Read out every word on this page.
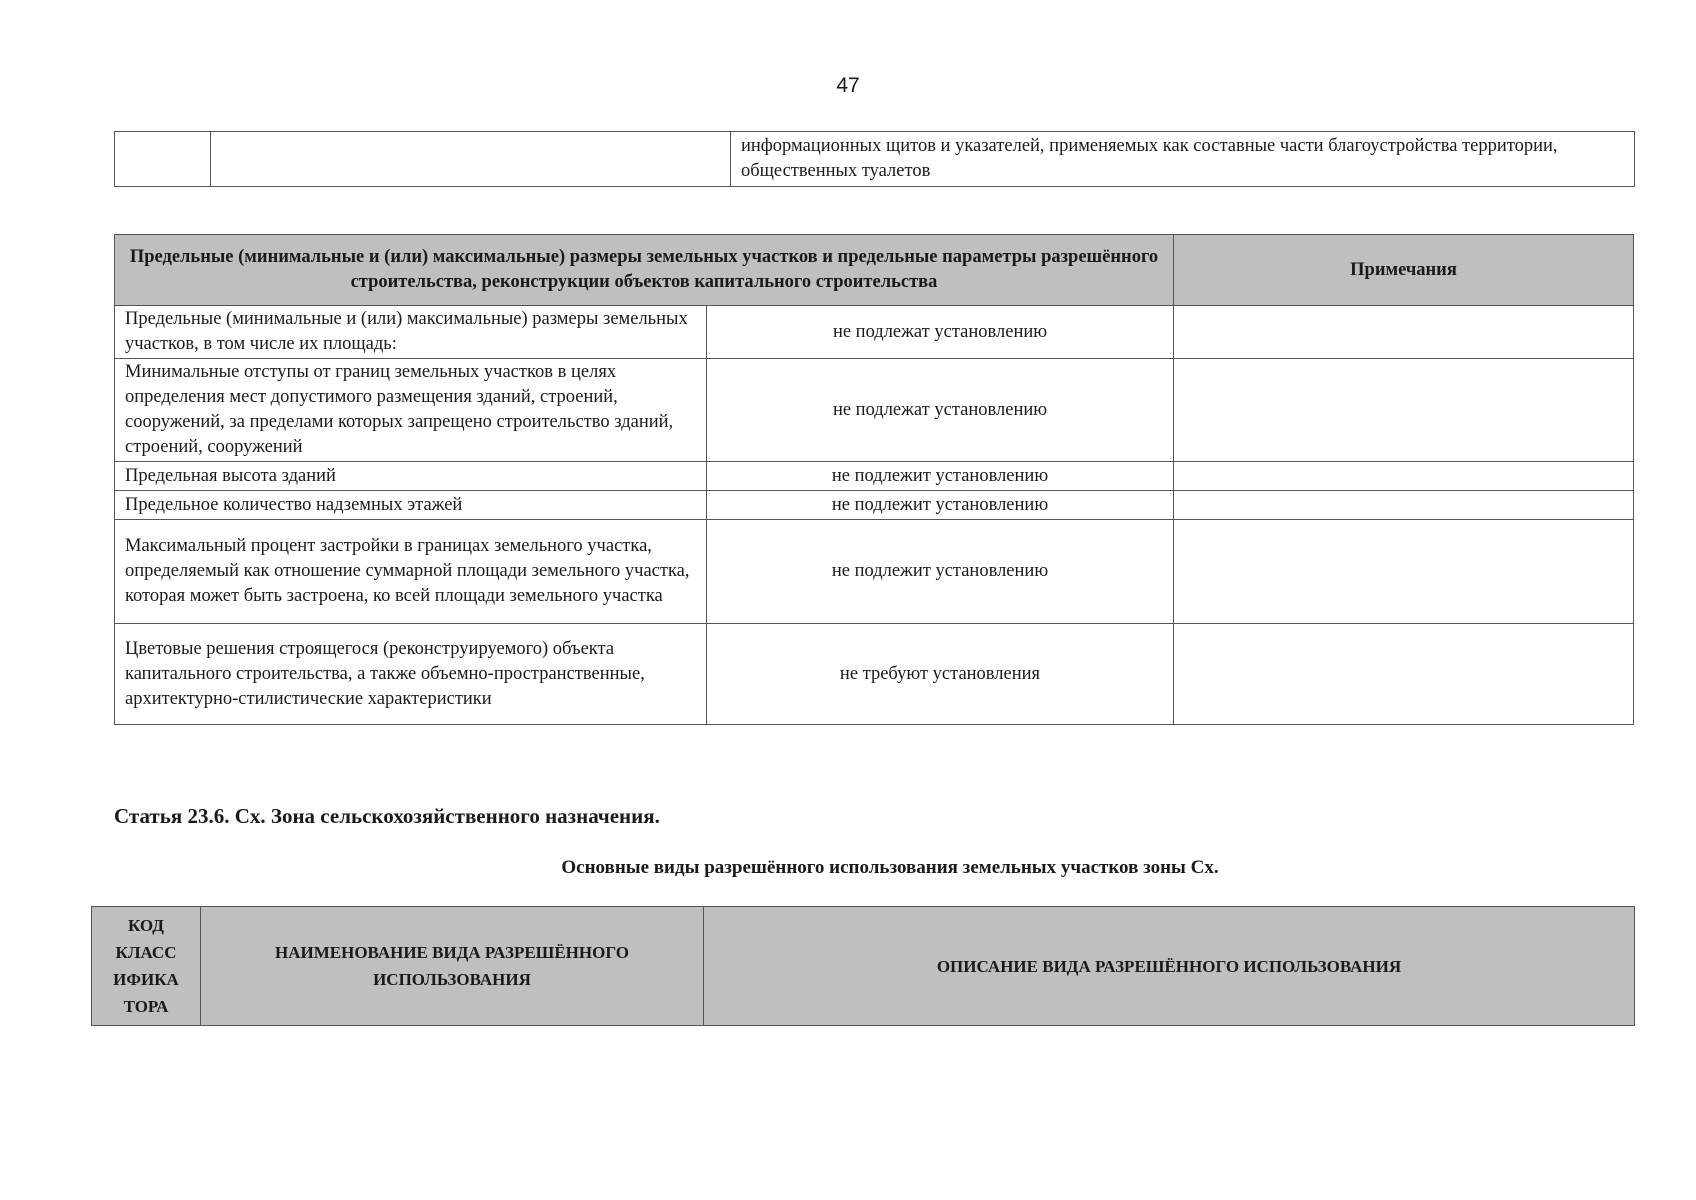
47
		информационных щитов и указателей, применяемых как составные части благоустройства территории, общественных туалетов
Предельные (минимальные и (или) максимальные) размеры земельных участков и предельные параметры разрешённого строительства, реконструкции объектов капитального строительства		Примечания
Предельные (минимальные и (или) максимальные) размеры земельных участков, в том числе их площадь:	не подлежат установлению	
Минимальные отступы от границ земельных участков в целях определения мест допустимого размещения зданий, строений, сооружений, за пределами которых запрещено строительство зданий, строений, сооружений	не подлежат установлению	
Предельная высота зданий	не подлежит установлению	
Предельное количество надземных этажей	не подлежит установлению	
Максимальный процент застройки в границах земельного участка, определяемый как отношение суммарной площади земельного участка, которая может быть застроена, ко всей площади земельного участка	не подлежит установлению	
Цветовые решения строящегося (реконструируемого) объекта капитального строительства, а также объемно-пространственные, архитектурно-стилистические характеристики	не требуют установления	
Статья 23.6. Сх. Зона сельскохозяйственного назначения.
Основные виды разрешённого использования земельных участков зоны Сх.
КОД КЛАСС ИФИКА ТОРА	НАИМЕНОВАНИЕ ВИДА РАЗРЕШЁННОГО ИСПОЛЬЗОВАНИЯ	ОПИСАНИЕ ВИДА РАЗРЕШЁННОГО ИСПОЛЬЗОВАНИЯ
